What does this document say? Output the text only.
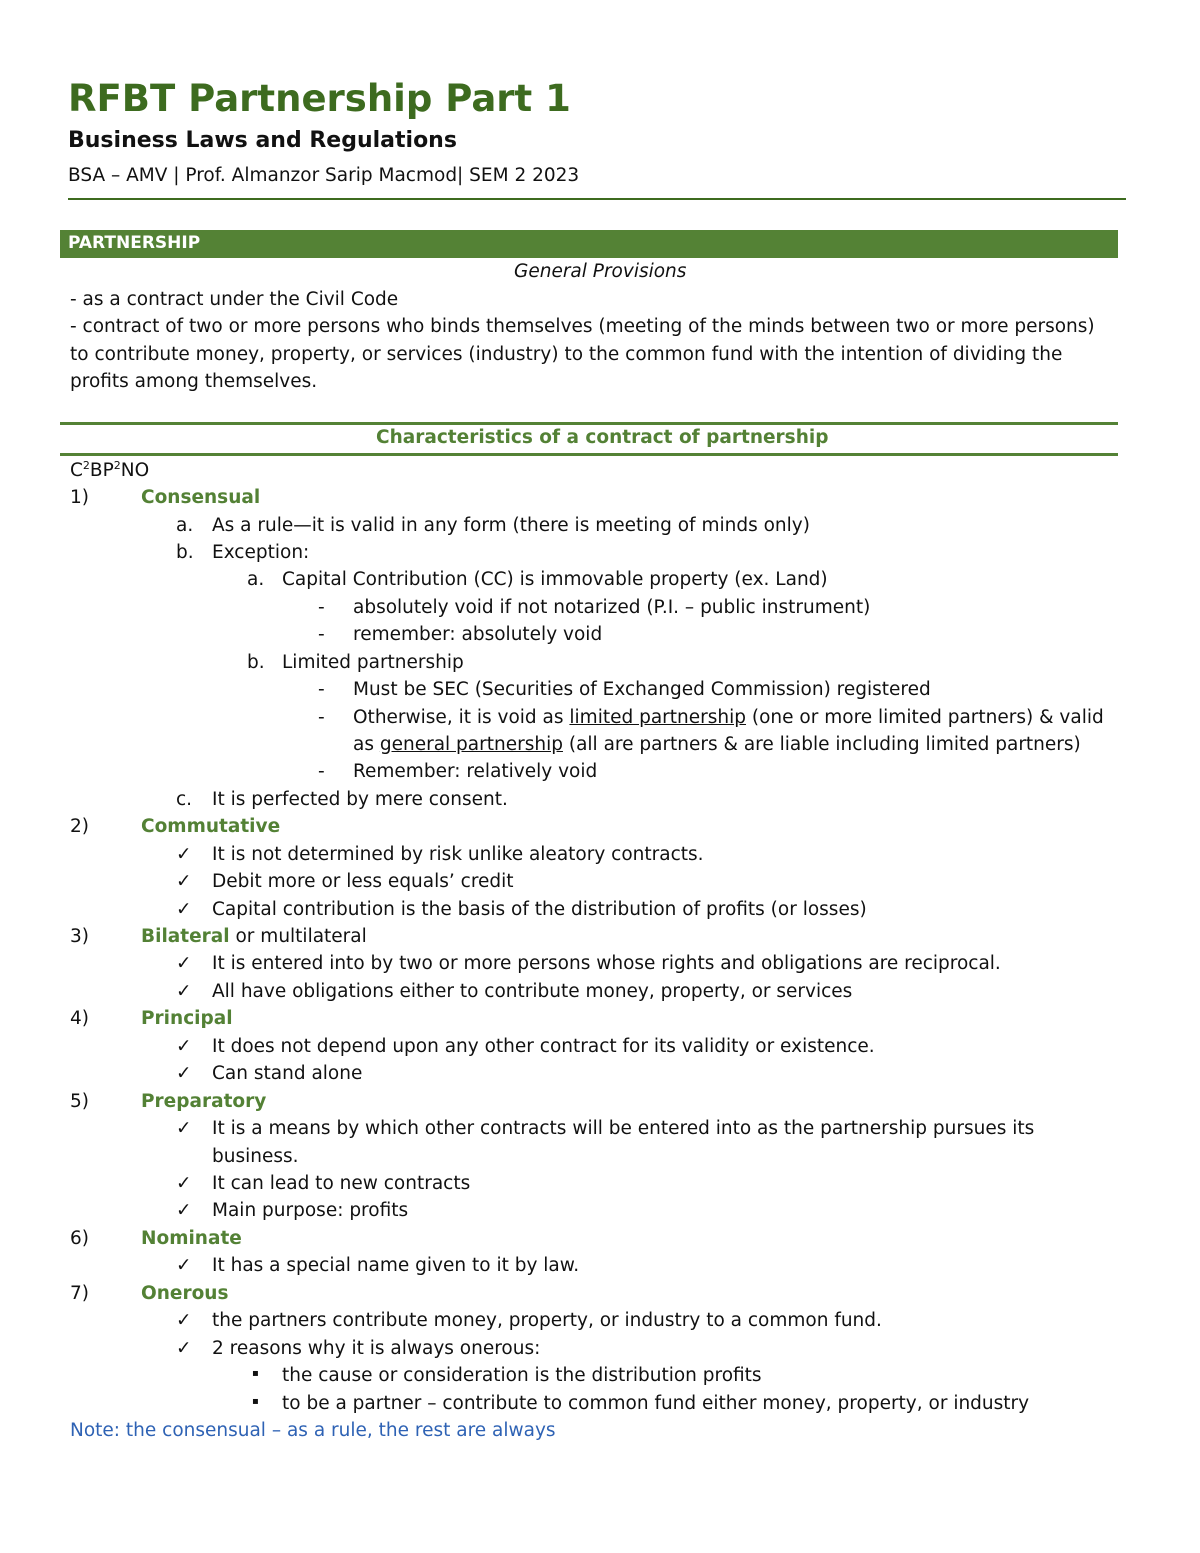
RFBT Partnership Part 1
Business Laws and Regulations
BSA – AMV | Prof. Almanzor Sarip Macmod| SEM 2 2023
PARTNERSHIP
General Provisions
- as a contract under the Civil Code
- contract of two or more persons who binds themselves (meeting of the minds between two or more persons)
to contribute money, property, or services (industry) to the common fund with the intention of dividing the
profits among themselves.
Characteristics of a contract of partnership
$C^2BP^2NO$
1)	Consensual
a. As a rule—it is valid in any form (there is meeting of minds only)
b. Exception:
a. Capital Contribution (CC) is immovable property (ex. Land)
- absolutely void if not notarized (P.I. – public instrument)
- remember: absolutely void
b. Limited partnership
- Must be SEC (Securities of Exchanged Commission) registered
- Otherwise, it is void as limited partnership (one or more limited partners) & valid
as general partnership (all are partners & are liable including limited partners)
- Remember: relatively void
c. It is perfected by mere consent.
2)	Commutative
✓
It is not determined by risk unlike aleatory contracts.
✓
Debit more or less equals’ credit
✓
Capital contribution is the basis of the distribution of profits (or losses)
3)	Bilateral or multilateral
✓
It is entered into by two or more persons whose rights and obligations are reciprocal.
✓
All have obligations either to contribute money, property, or services
4)	Principal
✓
It does not depend upon any other contract for its validity or existence.
✓
Can stand alone
5)	Preparatory
✓
It is a means by which other contracts will be entered into as the partnership pursues its
business.
✓
It can lead to new contracts
✓
Main purpose: profits
6)	Nominate
✓
It has a special name given to it by law.
7)	Onerous
✓
the partners contribute money, property, or industry to a common fund.
✓
2 reasons why it is always onerous:
▪ the cause or consideration is the distribution profits
▪ to be a partner – contribute to common fund either money, property, or industry
Note: the consensual – as a rule, the rest are always
